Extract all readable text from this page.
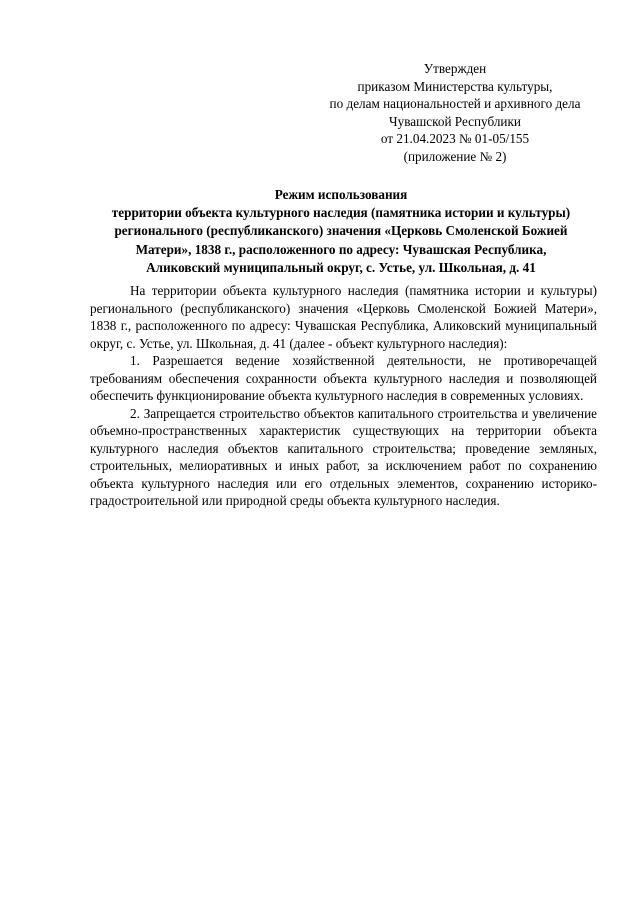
Утвержден
приказом Министерства культуры,
по делам национальностей и архивного дела
Чувашской Республики
от 21.04.2023 № 01-05/155
(приложение № 2)
Режим использования
территории объекта культурного наследия (памятника истории и культуры)
регионального (республиканского) значения «Церковь Смоленской Божией
Матери», 1838 г., расположенного по адресу: Чувашская Республика,
Аликовский муниципальный округ, с. Устье, ул. Школьная, д. 41

На территории объекта культурного наследия (памятника истории и культуры) регионального (республиканского) значения «Церковь Смоленской Божией Матери», 1838 г., расположенного по адресу: Чувашская Республика, Аликовский муниципальный округ, с. Устье, ул. Школьная, д. 41 (далее - объект культурного наследия):

1. Разрешается ведение хозяйственной деятельности, не противоречащей требованиям обеспечения сохранности объекта культурного наследия и позволяющей обеспечить функционирование объекта культурного наследия в современных условиях.

2. Запрещается строительство объектов капитального строительства и увеличение объемно-пространственных характеристик существующих на территории объекта культурного наследия объектов капитального строительства; проведение земляных, строительных, мелиоративных и иных работ, за исключением работ по сохранению объекта культурного наследия или его отдельных элементов, сохранению историко-градостроительной или природной среды объекта культурного наследия.
